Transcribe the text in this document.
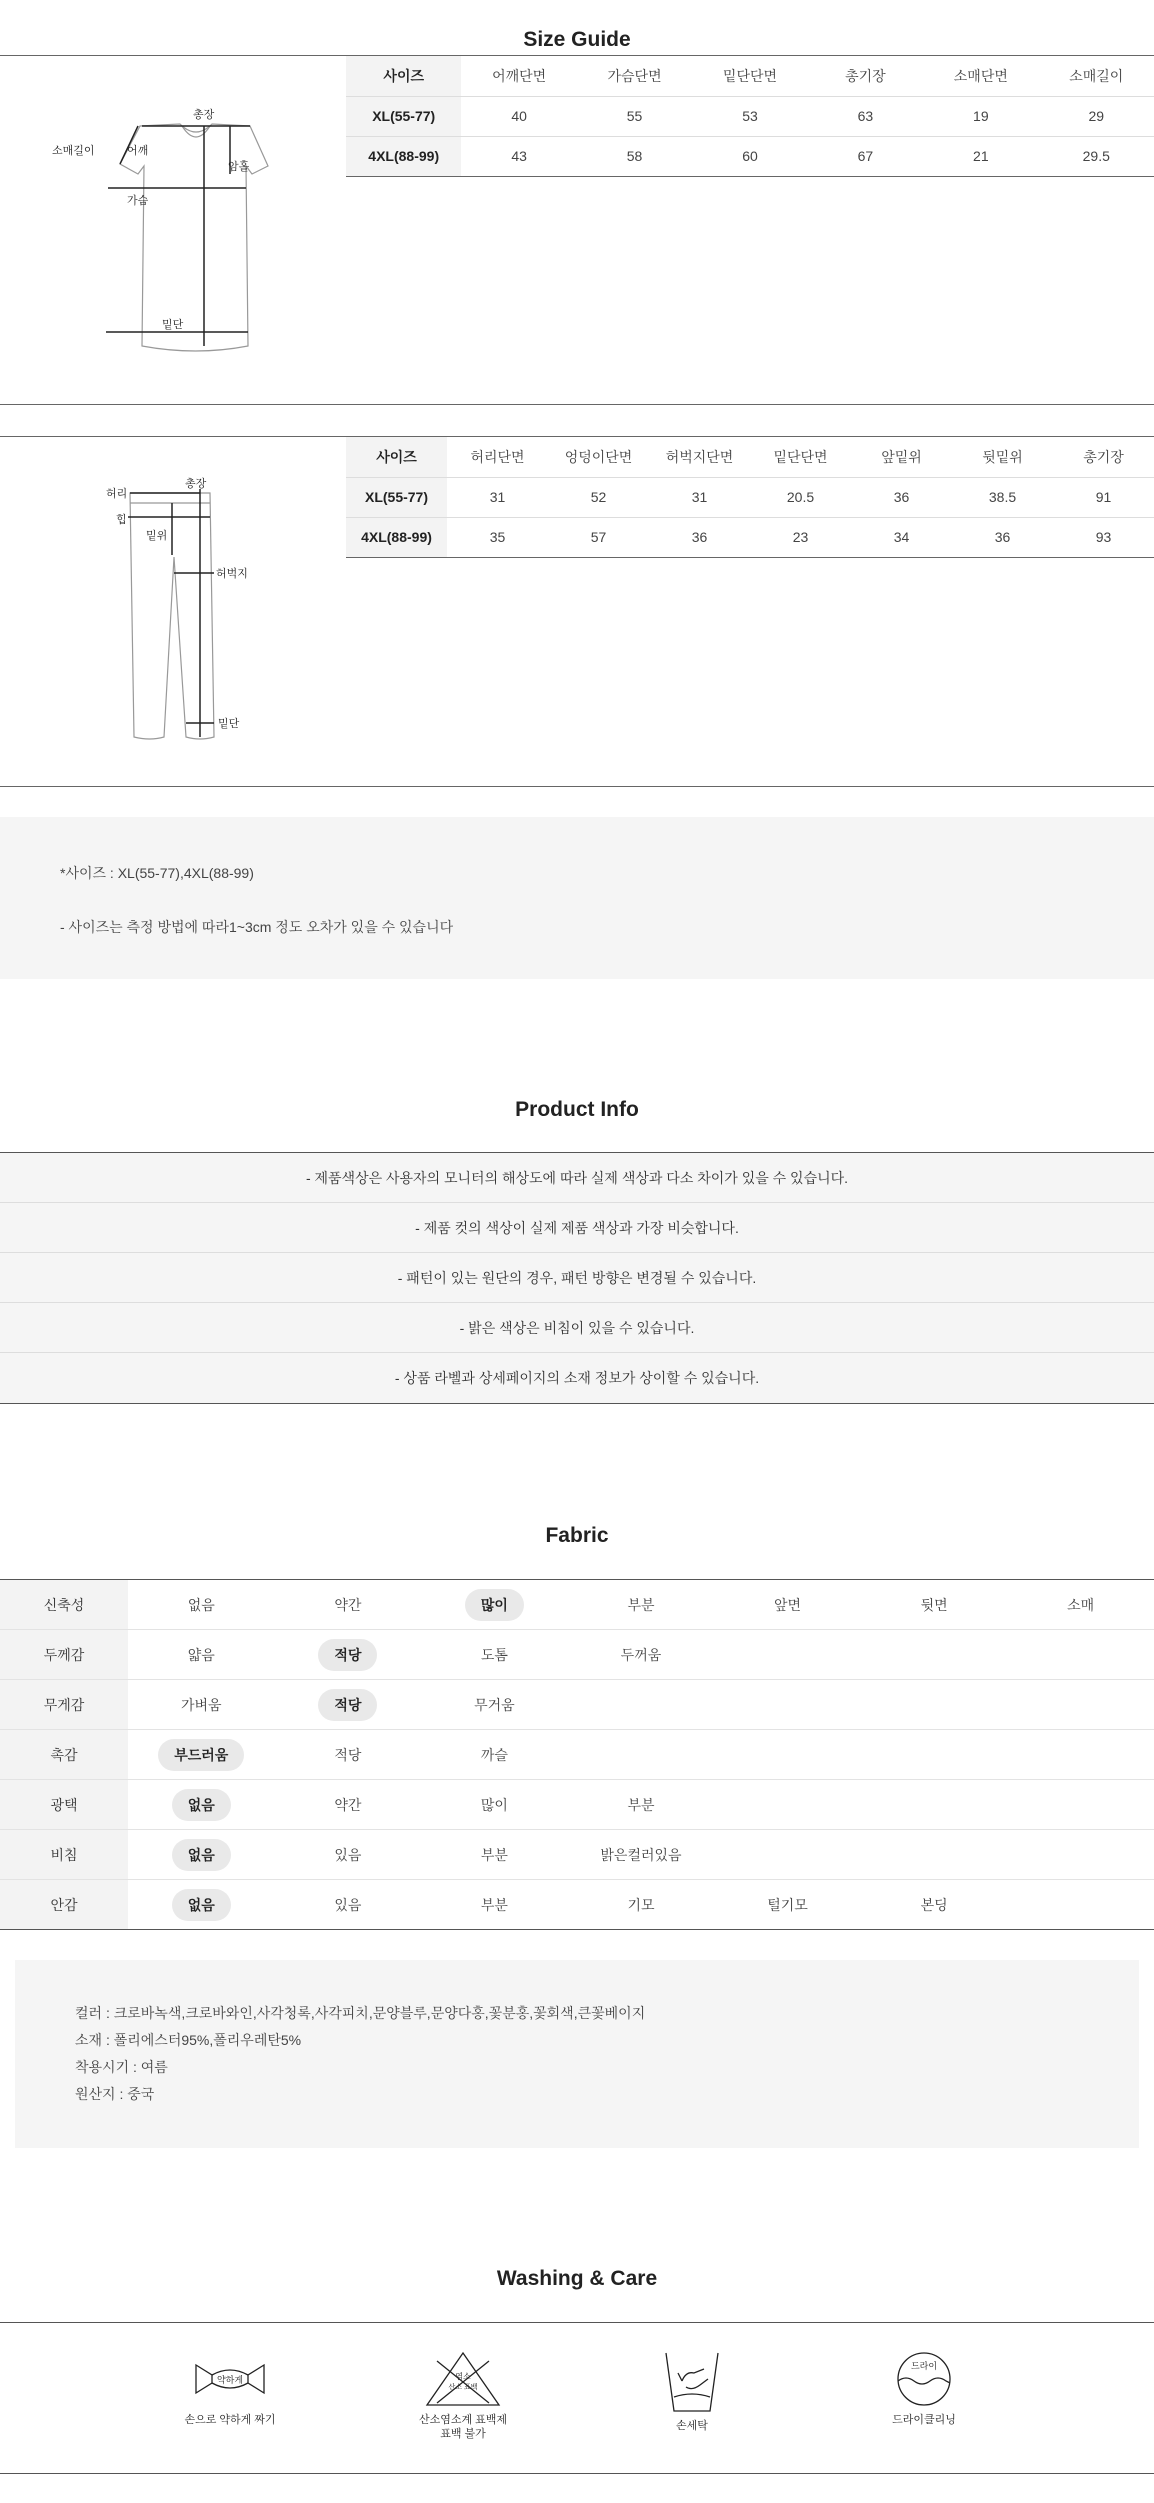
Size Guide
총장
소매길이	어깨
암홀
가슴
밑단
사이즈	어깨단면	가슴단면	밑단단면	총기장	소매단면	소매길이
XL(55-77)	40	55	53	63	19	29
4XL(88-99)	43	58	60	67	21	29.5
허리
총장
힙
밑위
허벅지
밑단
사이즈	허리단면	엉덩이단면	허벅지단면	밑단단면	앞밑위	뒷밑위	총기장
XL(55-77)	31	52	31	20.5	36	38.5	91
4XL(88-99)	35	57	36	23	34	36	93

*사이즈 : XL(55-77),4XL(88-99)

- 사이즈는 측정 방법에 따라1~3cm 정도 오차가 있을 수 있습니다

Product Info
- 제품색상은 사용자의 모니터의 해상도에 따라 실제 색상과 다소 차이가 있을 수 있습니다.
- 제품 컷의 색상이 실제 제품 색상과 가장 비슷합니다.
- 패턴이 있는 원단의 경우, 패턴 방향은 변경될 수 있습니다.
- 밝은 색상은 비침이 있을 수 있습니다.
- 상품 라벨과 상세페이지의 소재 정보가 상이할 수 있습니다.
Fabric
신축성	없음	약간	많이	부분	앞면	뒷면	소매
두께감	얇음	적당	도톰	두꺼움			
무게감	가벼움	적당	무거움				
촉감	부드러움	적당	까슬				
광택	없음	약간	많이	부분			
비침	없음	있음	부분	밝은컬러있음			
안감	없음	있음	부분	기모	털기모	본딩	

컬러 : 크로바녹색,크로바와인,사각청록,사각피치,문양블루,문양다홍,꽃분홍,꽃회색,큰꽃베이지

소재 : 폴리에스터95%,폴리우레탄5%

착용시기 : 여름

원산지 : 중국

Washing & Care
약하게
손으로 약하게 짜기
염소
산소 표백
산소염소계 표백제
표백 불가
손세탁
드라이
드라이클리닝
